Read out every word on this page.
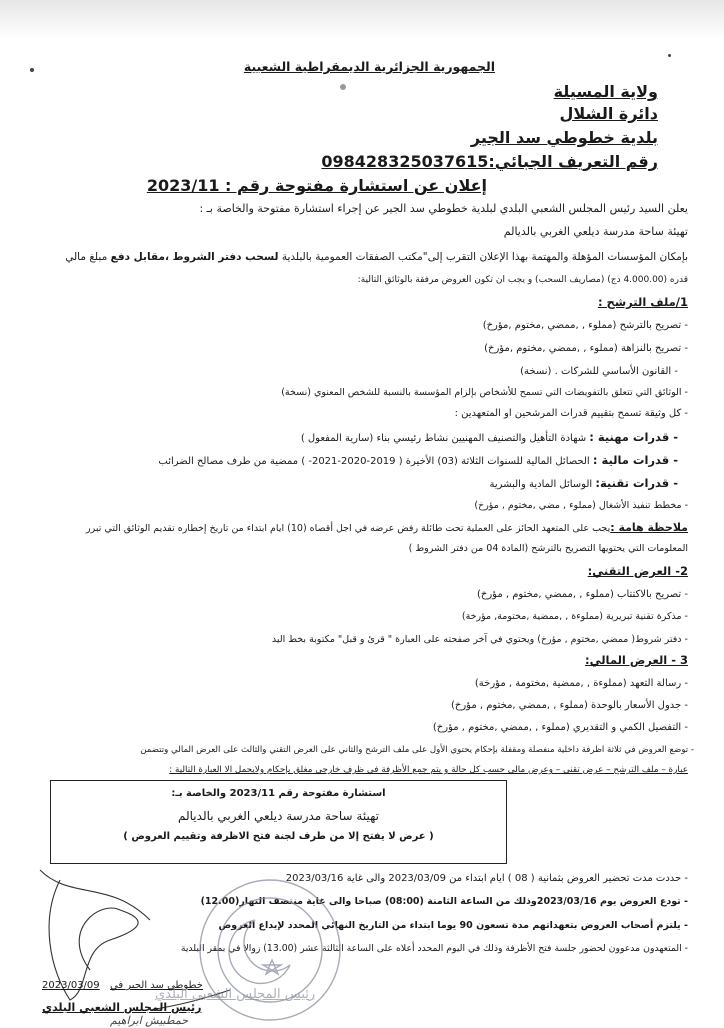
الجمهورية الجزائرية الديمقراطية الشعبية
ولاية المسيلة
دائرة الشلال
بلدية خطوطي سد الجير
رقم التعريف الجبائي:098428325037615
إعلان عن استشارة مفتوحة رقم : 2023/11
يعلن السيد رئيس المجلس الشعبي البلدي لبلدية خطوطي سد الجير عن إجراء استشارة مفتوحة والخاصة بـ :
تهيئة ساحة مدرسة ديلعي الغربي بالديالم
بإمكان المؤسسات المؤهلة والمهتمة بهذا الإعلان التقرب إلى"مكتب الصفقات العمومية بالبلدية لسحب دفتر الشروط ،مقابل دفع مبلغ مالي
قدره (4.000.00 دج) (مصاريف السحب) و يجب ان تكون العروض مرفقة بالوثائق التالية:
1/ملف الترشح :
- تصريح بالترشح (مملوء , ,ممضي ,مختوم ,مؤرخ)
- تصريح بالنزاهة (مملوء , ,ممضي ,مختوم ,مؤرخ)
- القانون الأساسي للشركات . (نسخة)
- الوثائق التي تتعلق بالتفويضات التي تسمح للأشخاص بإلزام المؤسسة بالنسبة للشخص المعنوي (نسخة)
- كل وثيقة تسمح بتقييم قدرات المرشحين او المتعهدين :
- قدرات مهنية : شهادة التأهيل والتصنيف المهنيين نشاط رئيسي بناء (سارية المفعول )
- قدرات مالية : الحصائل المالية للسنوات الثلاثة (03) الأخيرة ( 2019-2020-2021- ) ممضية من طرف مصالح الضرائب
- قدرات تقنية: الوسائل المادية والبشرية
- مخطط تنفيذ الأشغال (مملوء , مضي ,مختوم , مؤرخ)
ملاحظة هامة :يجب على المتعهد الحائز على العملية تحت طائلة رفض عرضه في اجل أقصاه (10) ايام ابتداء من تاريخ إخطاره تقديم الوثائق التي تبرر
المعلومات التي يحتويها التصريح بالترشح (المادة 04 من دفتر الشروط )
2- العرض التقني:
- تصريح بالاكتتاب (مملوء , ,ممضي ,مختوم , مؤرخ)
- مذكرة تقنية تبريرية (مملوءة , ,ممضية ,مختومة, مؤرخة)
- دفتر شروط( ممضي ,مختوم , مؤرخ) ويحتوي في آخر صفحته على العبارة " قرئ و قبل" مكتوبة بخط اليد
3 - العرض المالي:
- رسالة التعهد (مملوءة , ,ممضية ,مختومة , مؤرخة)
- جدول الأسعار بالوحدة (مملوء , ,ممضي ,مختوم , مؤرخ)
- التفصيل الكمي و التقديري (مملوء , ,ممضي ,مختوم , مؤرخ)
- توضع العروض في ثلاثة اظرفة داخلية منفصلة ومقفلة بإحكام يحتوي الأول على ملف الترشح والثاني على العرض التقني والثالث على العرض المالي وتتضمن
عبارة – ملف الترشح – عرض تقني – وعرض مالي حسب كل حالة و يتم جمع الأظرفة في ظرف خارجي مغلق بإحكام ولايحمل الا العبارة التالية :
استشارة مفتوحة رقم 2023/11 والخاصة بـ:
تهيئة ساحة مدرسة ديلعي الغربي بالديالم
( عرض لا يفتح إلا من طرف لجنة فتح الاظرفة وتقييم العروض )
- حددت مدت تحضير العروض بثمانية ( 08 ) ايام ابتداء من 2023/03/09 والى غاية 2023/03/16
- تودع العروض يوم 2023/03/16وذلك من الساعة الثامنة (08:00) صباحا والى غاية منتصف النهار(12.00)
- يلتزم أصحاب العروض بتعهداتهم مدة تسعون 90 يوما ابتداء من التاريخ النهائي المحدد لإيداع العروض
- المتعهدون مدعوون لحضور جلسة فتح الأظرفة وذلك في اليوم المحدد أعلاه على الساعة الثالثة عشر (13.00) زوالا في بمقر البلدية
2023/03/09 خطوطي سد الجير في
رئيس المجلس الشعبي البلدي
رئيس المجلس الشعبي البلدي
حمطبيش ابراهيم
